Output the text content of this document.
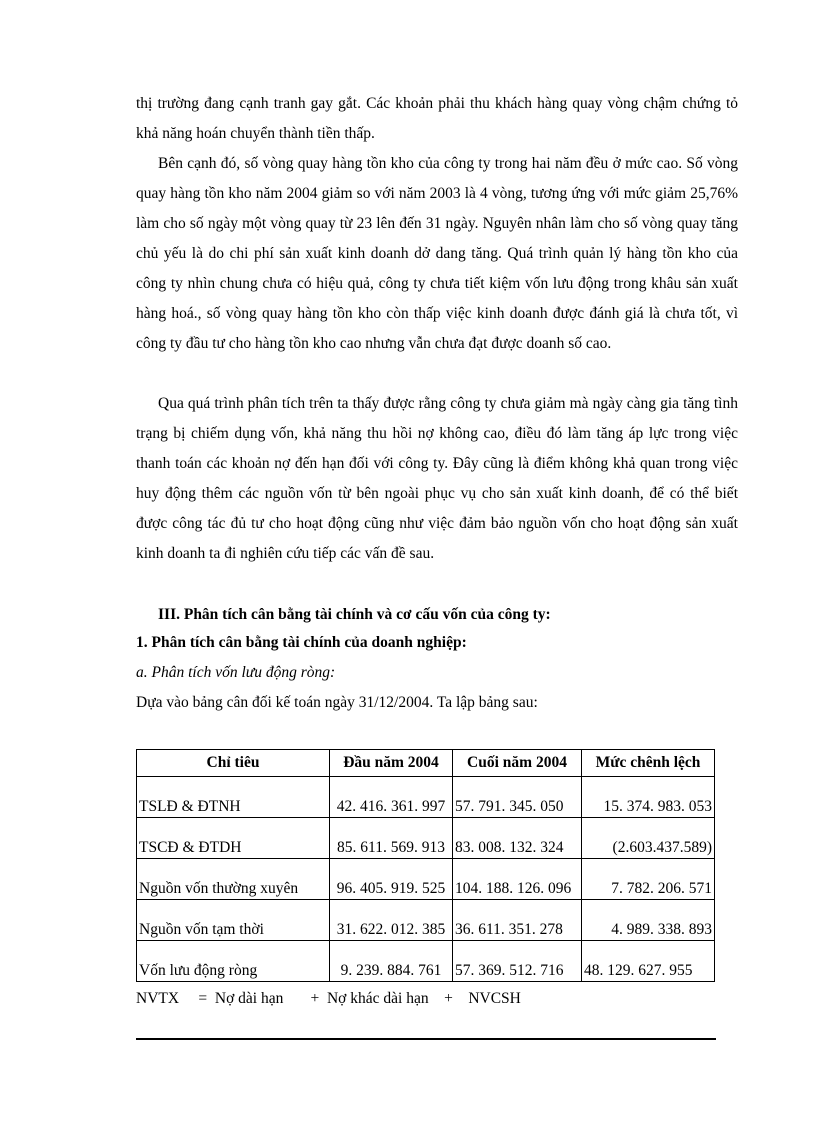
thị trường đang cạnh tranh gay gắt. Các khoản phải thu khách hàng quay vòng chậm chứng tỏ khả năng hoán chuyển thành tiền thấp.

Bên cạnh đó, số vòng quay hàng tồn kho của công ty trong hai năm đều ở mức cao. Số vòng quay hàng tồn kho năm 2004 giảm so với năm 2003 là 4 vòng, tương ứng với mức giảm 25,76% làm cho số ngày một vòng quay từ 23 lên đến 31 ngày. Nguyên nhân làm cho số vòng quay tăng chủ yếu là do chi phí sản xuất kinh doanh dở dang tăng. Quá trình quản lý hàng tồn kho của công ty nhìn chung chưa có hiệu quả, công ty chưa tiết kiệm vốn lưu động trong khâu sản xuất hàng hoá., số vòng quay hàng tồn kho còn thấp việc kinh doanh được đánh giá là chưa tốt, vì công ty đầu tư cho hàng tồn kho cao nhưng vẫn chưa đạt được doanh số cao.

Qua quá trình phân tích trên ta thấy được rằng công ty chưa giảm mà ngày càng gia tăng tình trạng bị chiếm dụng vốn, khả năng thu hồi nợ không cao, điều đó làm tăng áp lực trong việc thanh toán các khoản nợ đến hạn đối với công ty. Đây cũng là điểm không khả quan trong việc huy động thêm các nguồn vốn từ bên ngoài phục vụ cho sản xuất kinh doanh, để có thể biết được công tác đủ tư cho hoạt động cũng như việc đảm bảo nguồn vốn cho hoạt động sản xuất kinh doanh ta đi nghiên cứu tiếp các vấn đề sau.

III. Phân tích cân bằng tài chính và cơ cấu vốn của công ty:

1. Phân tích cân bằng tài chính của doanh nghiệp:

a. Phân tích vốn lưu động ròng:

Dựa vào bảng cân đối kế toán ngày 31/12/2004. Ta lập bảng sau:

Chỉ tiêu	Đầu năm 2004	Cuối năm 2004	Mức chênh lệch
TSLĐ & ĐTNH	42. 416. 361. 997	57. 791. 345. 050	15. 374. 983. 053
TSCĐ & ĐTDH	85. 611. 569. 913	83. 008. 132. 324	(2.603.437.589)
Nguồn vốn thường xuyên	96. 405. 919. 525	104. 188. 126. 096	7. 782. 206. 571
Nguồn vốn tạm thời	31. 622. 012. 385	36. 611. 351. 278	4. 989. 338. 893
Vốn lưu động ròng	9. 239. 884. 761	57. 369. 512. 716	48. 129. 627. 955

NVTX     =  Nợ dài hạn       +  Nợ khác dài hạn    +    NVCSH
